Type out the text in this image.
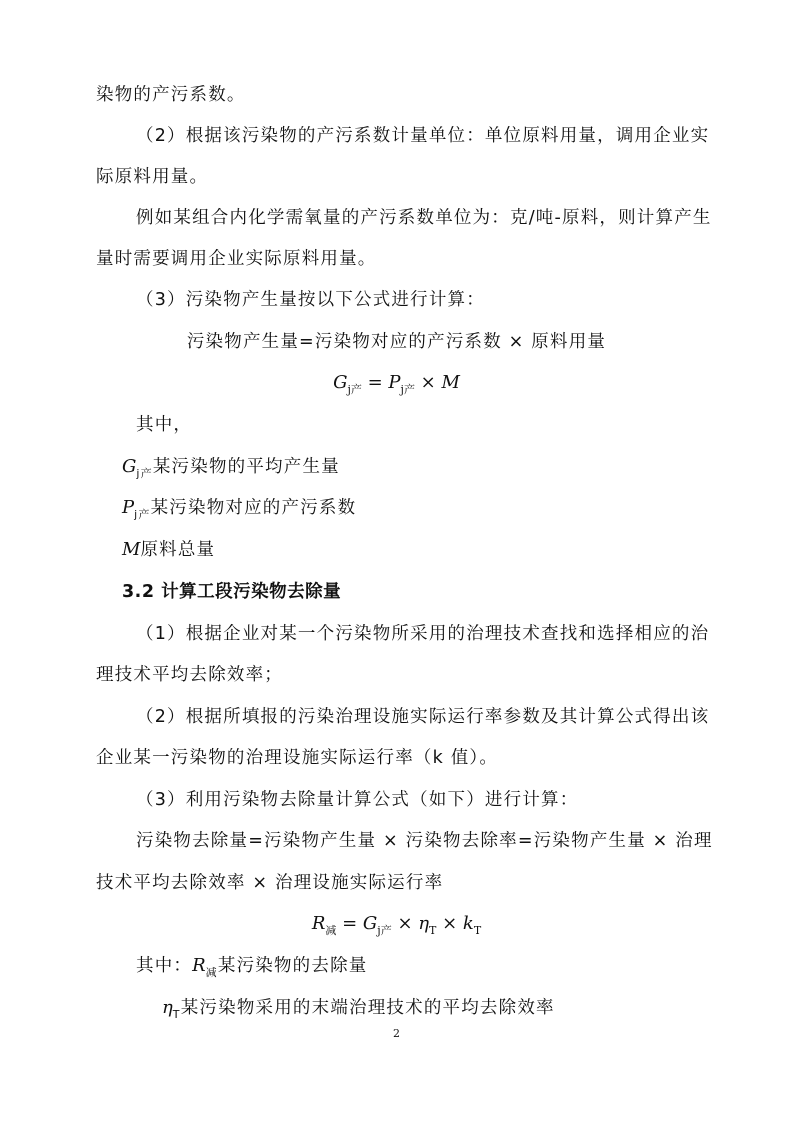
染物的产污系数。
（2）根据该污染物的产污系数计量单位：单位原料用量，调用企业实
际原料用量。
例如某组合内化学需氧量的产污系数单位为：克/吨-原料，则计算产生
量时需要调用企业实际原料用量。
（3）污染物产生量按以下公式进行计算：
污染物产生量=污染物对应的产污系数 × 原料用量
$G_{j产} = P_{j产} \times M$
其中，
$G_{j产}$某污染物的平均产生量
$P_{j产}$某污染物对应的产污系数
M原料总量
3.2 计算工段污染物去除量
（1）根据企业对某一个污染物所采用的治理技术查找和选择相应的治
理技术平均去除效率；
（2）根据所填报的污染治理设施实际运行率参数及其计算公式得出该
企业某一污染物的治理设施实际运行率（k 值）。
（3）利用污染物去除量计算公式（如下）进行计算：
污染物去除量=污染物产生量 × 污染物去除率=污染物产生量 × 治理
技术平均去除效率 × 治理设施实际运行率
$R_减 = G_{j产} \times \eta_T \times k_T$
其中：$R_减$某污染物的去除量
$\eta_T$某污染物采用的末端治理技术的平均去除效率
2
